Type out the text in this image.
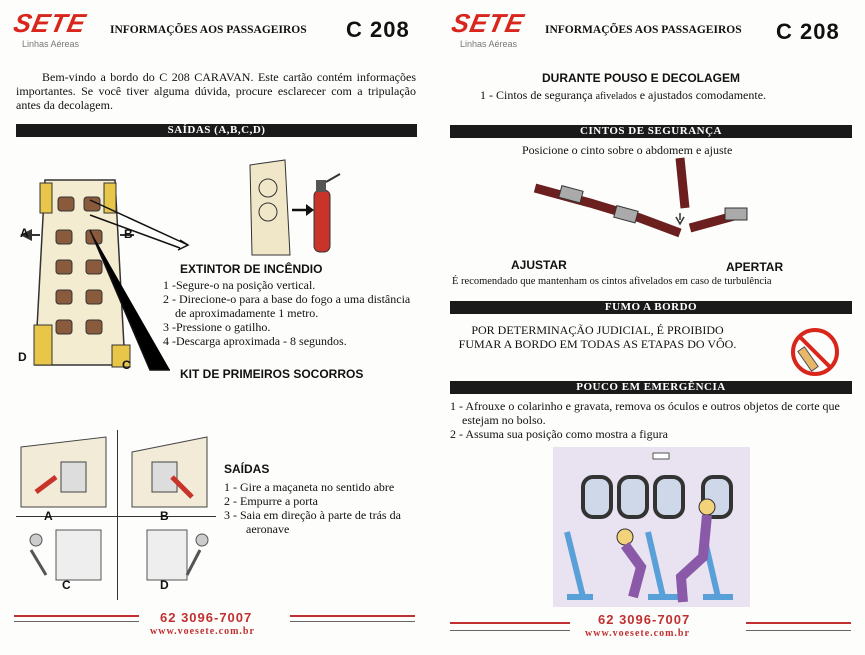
SETE
Linhas Aéreas
INFORMAÇÕES AOS PASSAGEIROS C 208
Bem-vindo a bordo do C 208 CARAVAN. Este cartão contém informações importantes. Se você tiver alguma dúvida, procure esclarecer com a tripulação antes da decolagem.
SAÍDAS (A,B,C,D)
A	B
D
C
EXTINTOR DE INCÊNDIO
1 -Segure-o na posição vertical.
2 - Direcione-o para a base do fogo a uma distância de aproximadamente 1 metro.
3 -Pressione o gatilho.
4 -Descarga aproximada - 8 segundos.
KIT DE PRIMEIROS SOCORROS
A	B
C	D
SAÍDAS
1 - Gire a maçaneta no sentido abre
2 - Empurre a porta
3 - Saia em direção à parte de trás da aeronave
62 3096-7007
www.voesete.com.br
SETE
Linhas Aéreas
INFORMAÇÕES AOS PASSAGEIROS C 208
DURANTE POUSO E DECOLAGEM
1 - Cintos de segurança afivelados e ajustados comodamente.
CINTOS DE SEGURANÇA
Posicione o cinto sobre o abdomem e ajuste
AJUSTAR	APERTAR
É recomendado que mantenham os cintos afivelados em caso de turbulência
FUMO A BORDO
POR DETERMINAÇÃO JUDICIAL, É PROIBIDO FUMAR A BORDO EM TODAS AS ETAPAS DO VÔO.
POUCO EM EMERGÊNCIA
1 - Afrouxe o colarinho e gravata, remova os óculos e outros objetos de corte que estejam no bolso.
2 - Assuma sua posição como mostra a figura
62 3096-7007
www.voesete.com.br
